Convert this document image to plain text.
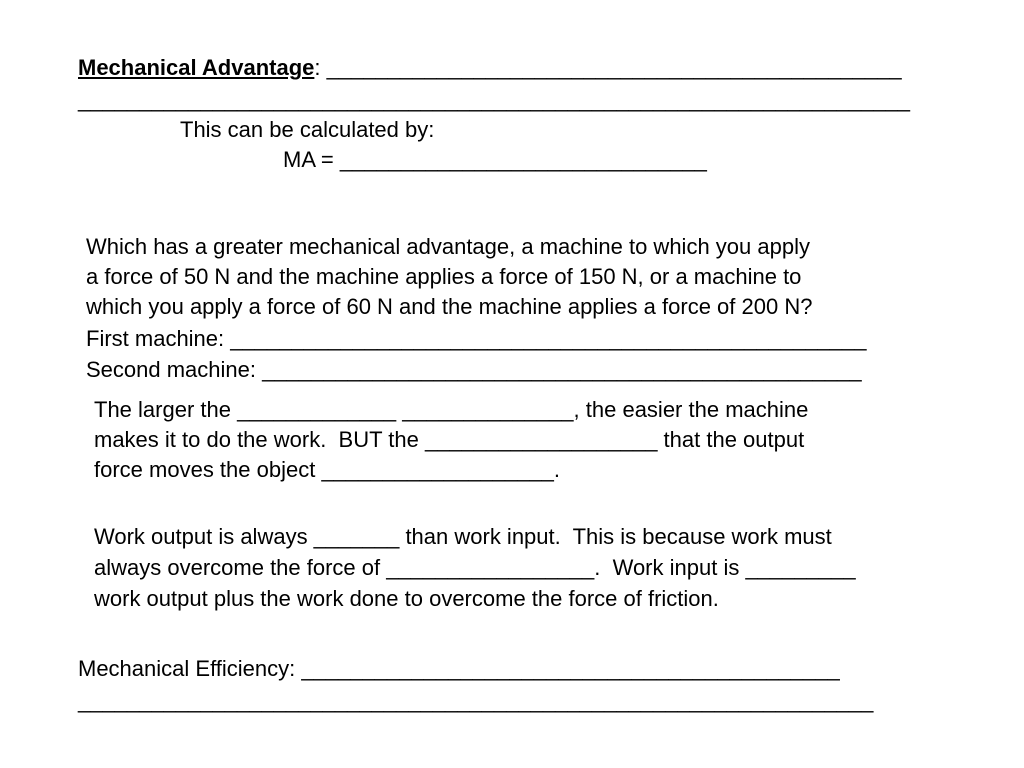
Mechanical Advantage: _______________________________________________
____________________________________________________________________
This can be calculated by:
MA = ______________________________
Which has a greater mechanical advantage, a machine to which you apply
a force of 50 N and the machine applies a force of 150 N, or a machine to
which you apply a force of 60 N and the machine applies a force of 200 N?
First machine: ____________________________________________________
Second machine: _________________________________________________
The larger the _____________ ______________, the easier the machine
makes it to do the work.  BUT the ___________________ that the output
force moves the object ___________________.
Work output is always _______ than work input.  This is because work must
always overcome the force of _________________.  Work input is _________
work output plus the work done to overcome the force of friction.
Mechanical Efficiency: ____________________________________________
_________________________________________________________________
